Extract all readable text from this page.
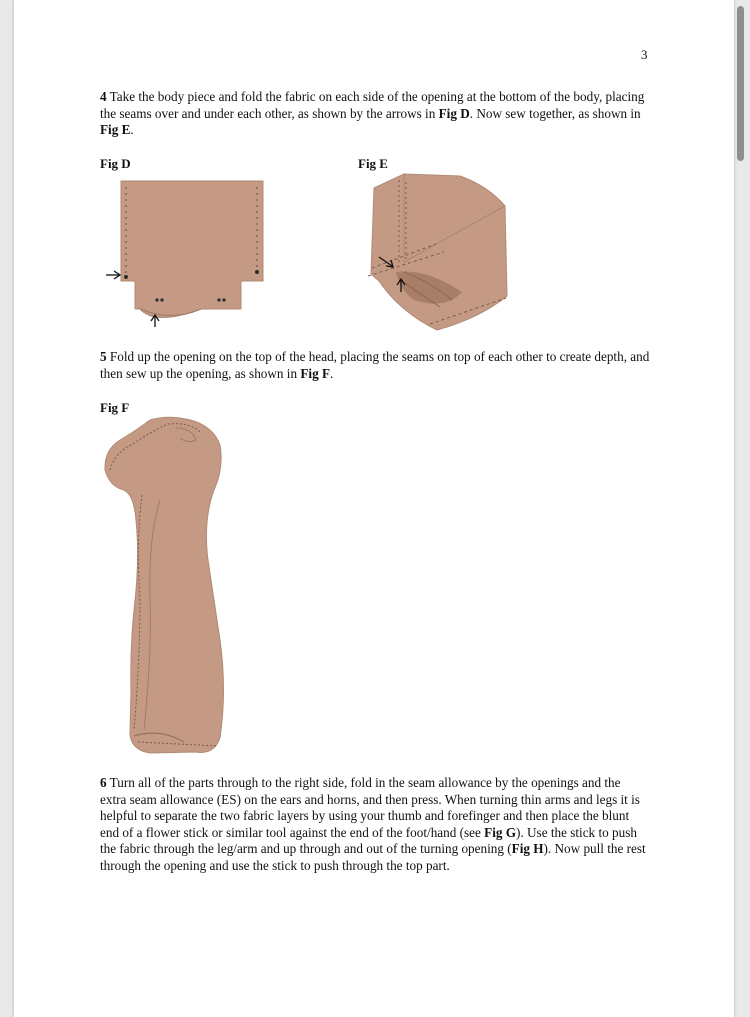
3
4 Take the body piece and fold the fabric on each side of the opening at the bottom of the body, placing the seams over and under each other, as shown by the arrows in Fig D. Now sew together, as shown in Fig E.
Fig D	Fig E
5 Fold up the opening on the top of the head, placing the seams on top of each other to create depth, and then sew up the opening, as shown in Fig F.
Fig F
6 Turn all of the parts through to the right side, fold in the seam allowance by the openings and the extra seam allowance (ES) on the ears and horns, and then press. When turning thin arms and legs it is helpful to separate the two fabric layers by using your thumb and forefinger and then place the blunt end of a flower stick or similar tool against the end of the foot/hand (see Fig G). Use the stick to push the fabric through the leg/arm and up through and out of the turning opening (Fig H). Now pull the rest through the opening and use the stick to push through the top part.
